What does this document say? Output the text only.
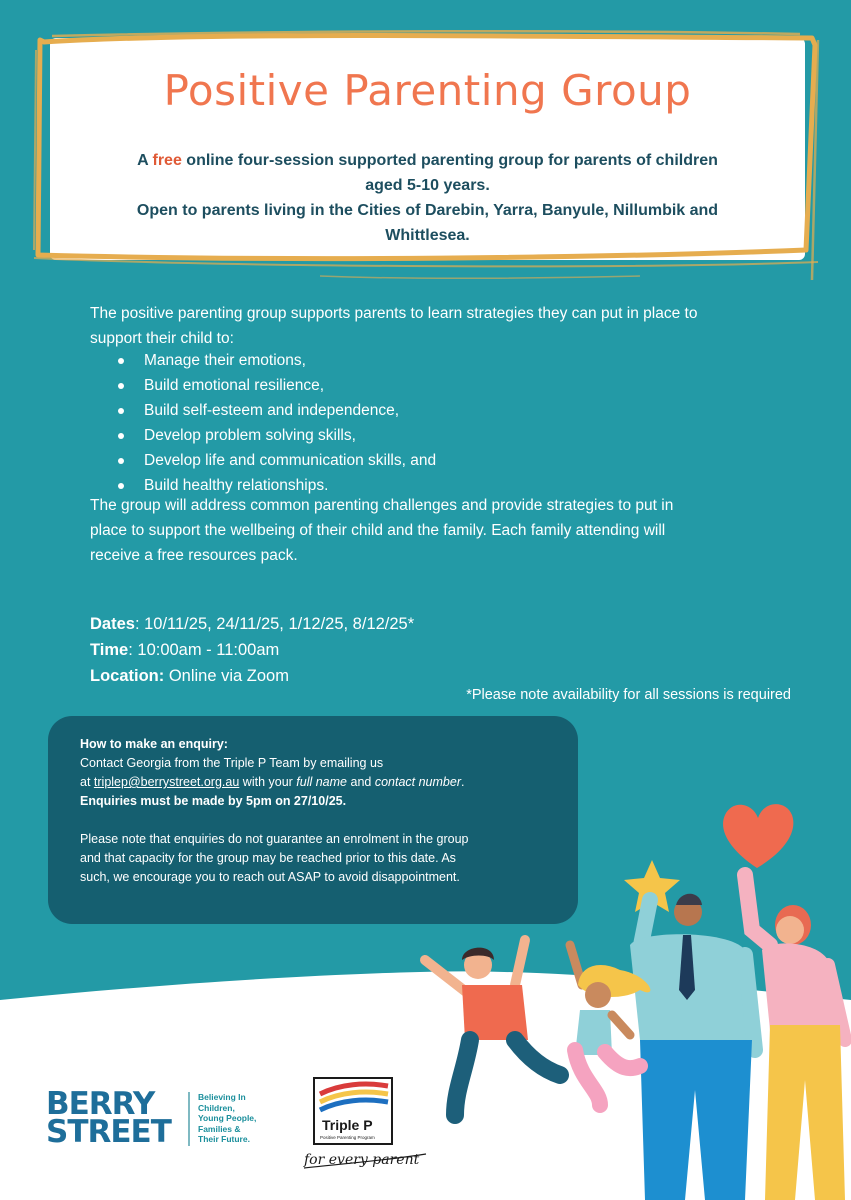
Positive Parenting Group
A free online four-session supported parenting group for parents of children
aged 5-10 years.
Open to parents living in the Cities of Darebin, Yarra, Banyule, Nillumbik and
Whittlesea.
The positive parenting group supports parents to learn strategies they can put in place to
support their child to:
Manage their emotions,
Build emotional resilience,
Build self-esteem and independence,
Develop problem solving skills,
Develop life and communication skills, and
Build healthy relationships.
The group will address common parenting challenges and provide strategies to put in
place to support the wellbeing of their child and the family. Each family attending will
receive a free resources pack.
Dates: 10/11/25, 24/11/25, 1/12/25, 8/12/25*
Time: 10:00am - 11:00am
Location: Online via Zoom
*Please note availability for all sessions is required
How to make an enquiry:
Contact Georgia from the Triple P Team by emailing us
at triplep@berrystreet.org.au with your full name and contact number.
Enquiries must be made by 5pm on 27/10/25.
Please note that enquiries do not guarantee an enrolment in the group
and that capacity for the group may be reached prior to this date. As
such, we encourage you to reach out ASAP to avoid disappointment.
BERRY
STREET
Believing In
Children,
Young People,
Families &
Their Future.
Triple P
Positive Parenting Program
for every parent
